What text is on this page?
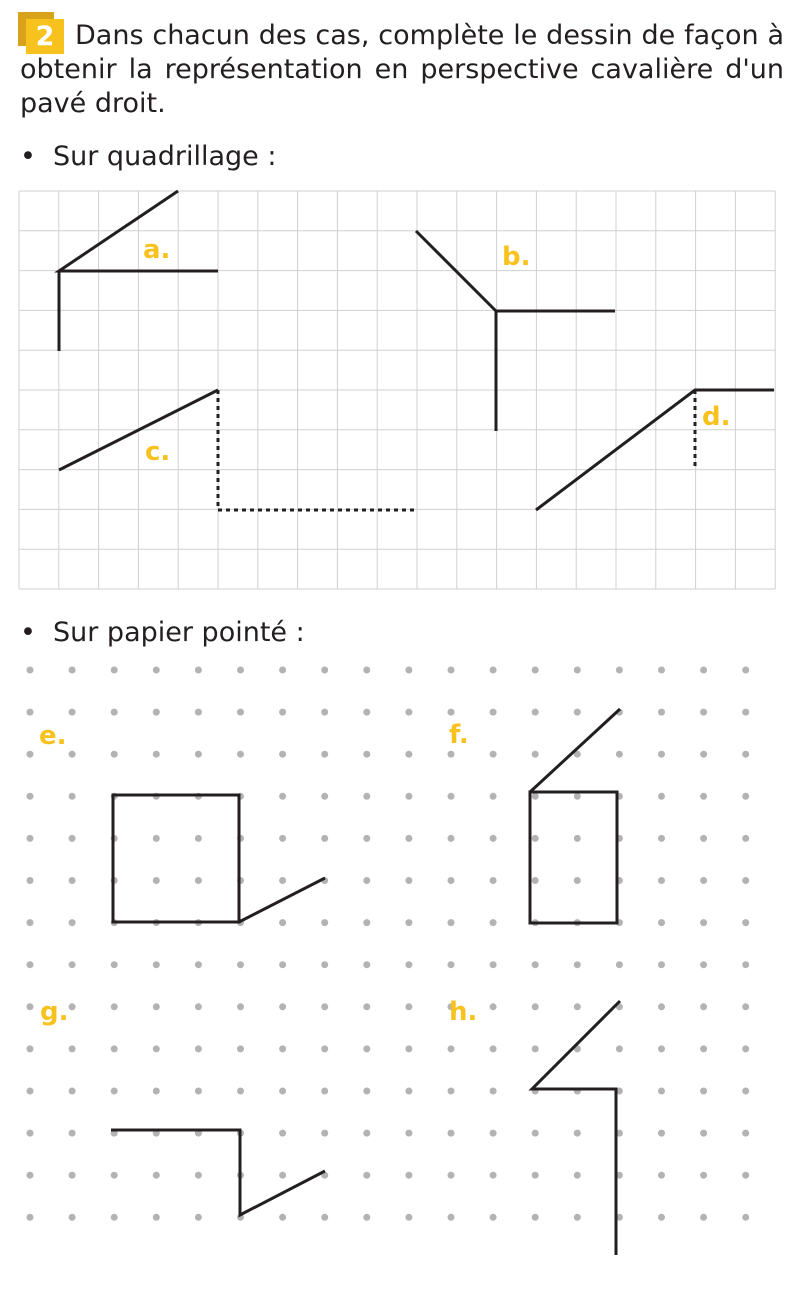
2 Dans chacun des cas, complète le dessin de façon à obtenir la représentation en perspective cavalière d'un pavé droit.

• Sur quadrillage :

a.	b.
c.
d.

• Sur papier pointé :

e.	f.
g.	h.
